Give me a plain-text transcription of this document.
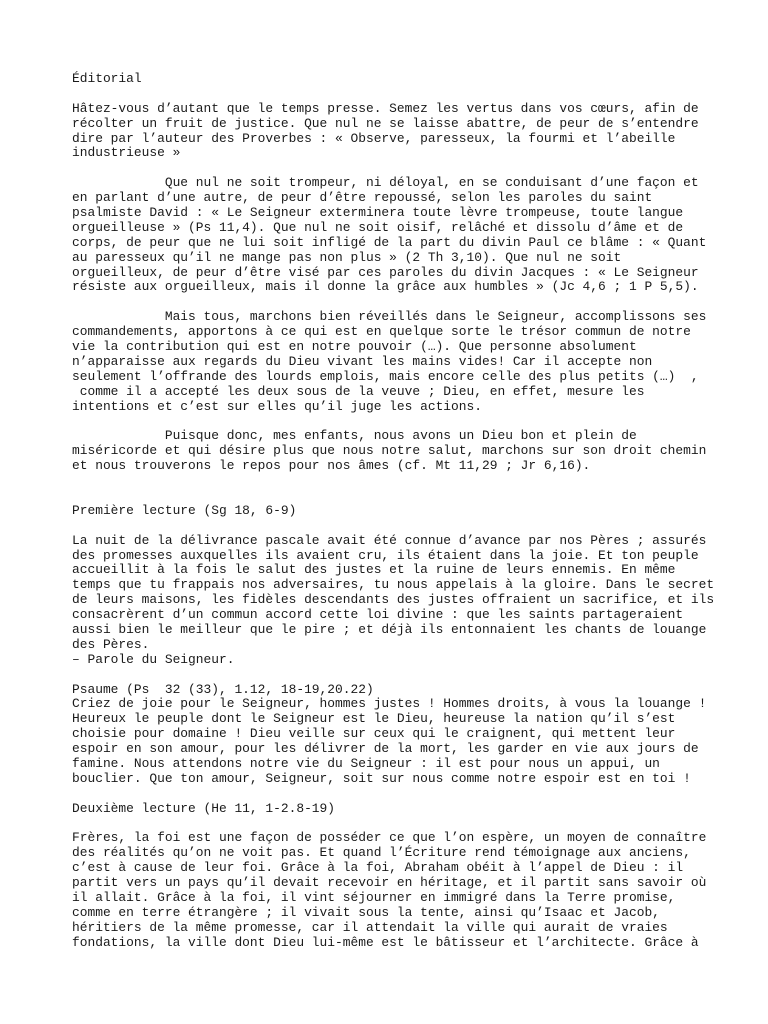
Éditorial
Hâtez-vous d’autant que le temps presse. Semez les vertus dans vos cœurs, afin de
récolter un fruit de justice. Que nul ne se laisse abattre, de peur de s’entendre
dire par l’auteur des Proverbes : « Observe, paresseux, la fourmi et l’abeille
industrieuse »
Que nul ne soit trompeur, ni déloyal, en se conduisant d’une façon et
en parlant d’une autre, de peur d’être repoussé, selon les paroles du saint
psalmiste David : « Le Seigneur exterminera toute lèvre trompeuse, toute langue
orgueilleuse » (Ps 11,4). Que nul ne soit oisif, relâché et dissolu d’âme et de
corps, de peur que ne lui soit infligé de la part du divin Paul ce blâme : « Quant
au paresseux qu’il ne mange pas non plus » (2 Th 3,10). Que nul ne soit
orgueilleux, de peur d’être visé par ces paroles du divin Jacques : « Le Seigneur
résiste aux orgueilleux, mais il donne la grâce aux humbles » (Jc 4,6 ; 1 P 5,5).
Mais tous, marchons bien réveillés dans le Seigneur, accomplissons ses
commandements, apportons à ce qui est en quelque sorte le trésor commun de notre
vie la contribution qui est en notre pouvoir (…). Que personne absolument
n’apparaisse aux regards du Dieu vivant les mains vides! Car il accepte non
seulement l’offrande des lourds emplois, mais encore celle des plus petits (…)  ,
comme il a accepté les deux sous de la veuve ; Dieu, en effet, mesure les
intentions et c’est sur elles qu’il juge les actions.
Puisque donc, mes enfants, nous avons un Dieu bon et plein de
miséricorde et qui désire plus que nous notre salut, marchons sur son droit chemin
et nous trouverons le repos pour nos âmes (cf. Mt 11,29 ; Jr 6,16).
Première lecture (Sg 18, 6-9)
La nuit de la délivrance pascale avait été connue d’avance par nos Pères ; assurés
des promesses auxquelles ils avaient cru, ils étaient dans la joie. Et ton peuple
accueillit à la fois le salut des justes et la ruine de leurs ennemis. En même
temps que tu frappais nos adversaires, tu nous appelais à la gloire. Dans le secret
de leurs maisons, les fidèles descendants des justes offraient un sacrifice, et ils
consacrèrent d’un commun accord cette loi divine : que les saints partageraient
aussi bien le meilleur que le pire ; et déjà ils entonnaient les chants de louange
des Pères.
– Parole du Seigneur.
Psaume (Ps  32 (33), 1.12, 18-19,20.22)
Criez de joie pour le Seigneur, hommes justes ! Hommes droits, à vous la louange !
Heureux le peuple dont le Seigneur est le Dieu, heureuse la nation qu’il s’est
choisie pour domaine ! Dieu veille sur ceux qui le craignent, qui mettent leur
espoir en son amour, pour les délivrer de la mort, les garder en vie aux jours de
famine. Nous attendons notre vie du Seigneur : il est pour nous un appui, un
bouclier. Que ton amour, Seigneur, soit sur nous comme notre espoir est en toi !
Deuxième lecture (He 11, 1-2.8-19)
Frères, la foi est une façon de posséder ce que l’on espère, un moyen de connaître
des réalités qu’on ne voit pas. Et quand l’Écriture rend témoignage aux anciens,
c’est à cause de leur foi. Grâce à la foi, Abraham obéit à l’appel de Dieu : il
partit vers un pays qu’il devait recevoir en héritage, et il partit sans savoir où
il allait. Grâce à la foi, il vint séjourner en immigré dans la Terre promise,
comme en terre étrangère ; il vivait sous la tente, ainsi qu’Isaac et Jacob,
héritiers de la même promesse, car il attendait la ville qui aurait de vraies
fondations, la ville dont Dieu lui-même est le bâtisseur et l’architecte. Grâce à
